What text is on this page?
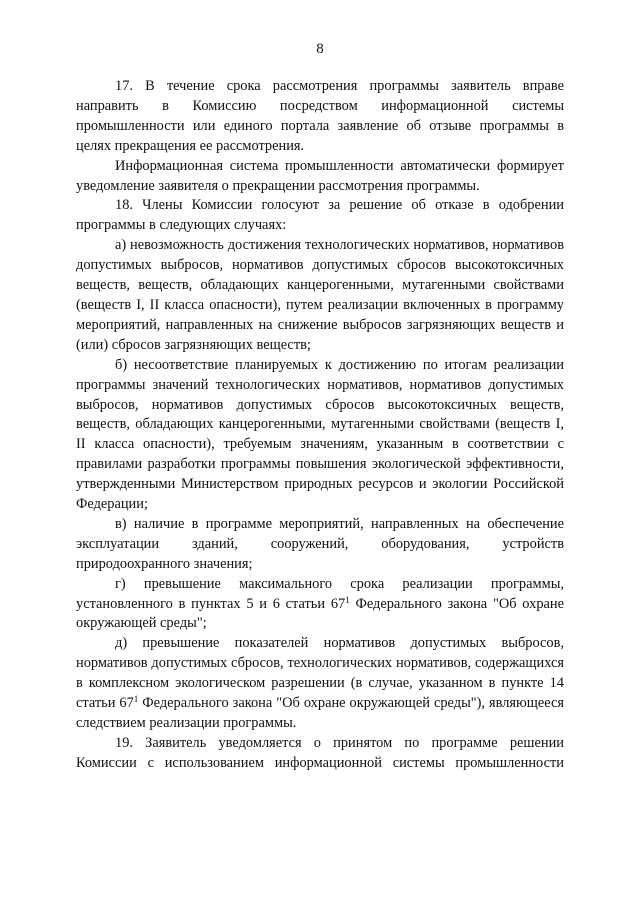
8

17. В течение срока рассмотрения программы заявитель вправе направить в Комиссию посредством информационной системы промышленности или единого портала заявление об отзыве программы в целях прекращения ее рассмотрения.

Информационная система промышленности автоматически формирует уведомление заявителя о прекращении рассмотрения программы.

18. Члены Комиссии голосуют за решение об отказе в одобрении программы в следующих случаях:

а) невозможность достижения технологических нормативов, нормативов допустимых выбросов, нормативов допустимых сбросов высокотоксичных веществ, веществ, обладающих канцерогенными, мутагенными свойствами (веществ I, II класса опасности), путем реализации включенных в программу мероприятий, направленных на снижение выбросов загрязняющих веществ и (или) сбросов загрязняющих веществ;

б) несоответствие планируемых к достижению по итогам реализации программы значений технологических нормативов, нормативов допустимых выбросов, нормативов допустимых сбросов высокотоксичных веществ, веществ, обладающих канцерогенными, мутагенными свойствами (веществ I, II класса опасности), требуемым значениям, указанным в соответствии с правилами разработки программы повышения экологической эффективности, утвержденными Министерством природных ресурсов и экологии Российской Федерации;

в) наличие в программе мероприятий, направленных на обеспечение эксплуатации зданий, сооружений, оборудования, устройств природоохранного значения;

г) превышение максимального срока реализации программы, установленного в пунктах 5 и 6 статьи $67^1$ Федерального закона "Об охране окружающей среды";

д) превышение показателей нормативов допустимых выбросов, нормативов допустимых сбросов, технологических нормативов, содержащихся в комплексном экологическом разрешении (в случае, указанном в пункте 14 статьи $67^1$ Федерального закона "Об охране окружающей среды"), являющееся следствием реализации программы.

19. Заявитель уведомляется о принятом по программе решении Комиссии с использованием информационной системы промышленности
